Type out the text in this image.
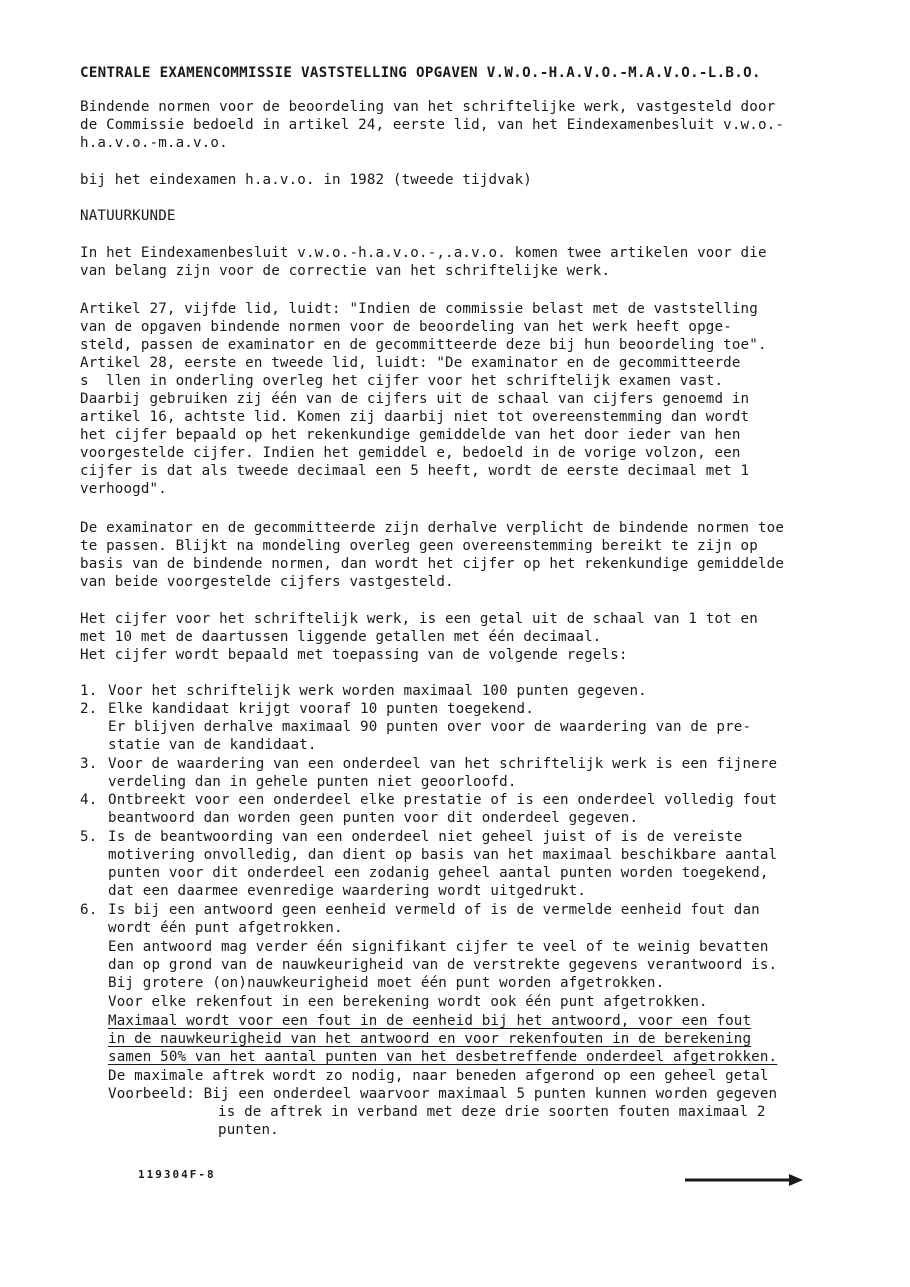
CENTRALE EXAMENCOMMISSIE VASTSTELLING OPGAVEN V.W.O.-H.A.V.O.-M.A.V.O.-L.B.O.
Bindende normen voor de beoordeling van het schriftelijke werk, vastgesteld door
de Commissie bedoeld in artikel 24, eerste lid, van het Eindexamenbesluit v.w.o.-
h.a.v.o.-m.a.v.o.
bij het eindexamen h.a.v.o. in 1982 (tweede tijdvak)
NATUURKUNDE
In het Eindexamenbesluit v.w.o.-h.a.v.o.-,.a.v.o. komen twee artikelen voor die
van belang zijn voor de correctie van het schriftelijke werk.
Artikel 27, vijfde lid, luidt: "Indien de commissie belast met de vaststelling
van de opgaven bindende normen voor de beoordeling van het werk heeft opge-
steld, passen de examinator en de gecommitteerde deze bij hun beoordeling toe".
Artikel 28, eerste en tweede lid, luidt: "De examinator en de gecommitteerde
s  llen in onderling overleg het cijfer voor het schriftelijk examen vast.
Daarbij gebruiken zij één van de cijfers uit de schaal van cijfers genoemd in
artikel 16, achtste lid. Komen zij daarbij niet tot overeenstemming dan wordt
het cijfer bepaald op het rekenkundige gemiddelde van het door ieder van hen
voorgestelde cijfer. Indien het gemiddel e, bedoeld in de vorige volzon, een
cijfer is dat als tweede decimaal een 5 heeft, wordt de eerste decimaal met 1
verhoogd".
De examinator en de gecommitteerde zijn derhalve verplicht de bindende normen toe
te passen. Blijkt na mondeling overleg geen overeenstemming bereikt te zijn op
basis van de bindende normen, dan wordt het cijfer op het rekenkundige gemiddelde
van beide voorgestelde cijfers vastgesteld.
Het cijfer voor het schriftelijk werk, is een getal uit de schaal van 1 tot en
met 10 met de daartussen liggende getallen met één decimaal.
Het cijfer wordt bepaald met toepassing van de volgende regels:
1. Voor het schriftelijk werk worden maximaal 100 punten gegeven.
2. Elke kandidaat krijgt vooraf 10 punten toegekend.
Er blijven derhalve maximaal 90 punten over voor de waardering van de pre-
statie van de kandidaat.
3. Voor de waardering van een onderdeel van het schriftelijk werk is een fijnere
verdeling dan in gehele punten niet geoorloofd.
4. Ontbreekt voor een onderdeel elke prestatie of is een onderdeel volledig fout
beantwoord dan worden geen punten voor dit onderdeel gegeven.
5. Is de beantwoording van een onderdeel niet geheel juist of is de vereiste
motivering onvolledig, dan dient op basis van het maximaal beschikbare aantal
punten voor dit onderdeel een zodanig geheel aantal punten worden toegekend,
dat een daarmee evenredige waardering wordt uitgedrukt.
6. Is bij een antwoord geen eenheid vermeld of is de vermelde eenheid fout dan
wordt één punt afgetrokken.
Een antwoord mag verder één signifikant cijfer te veel of te weinig bevatten
dan op grond van de nauwkeurigheid van de verstrekte gegevens verantwoord is.
Bij grotere (on)nauwkeurigheid moet één punt worden afgetrokken.
Voor elke rekenfout in een berekening wordt ook één punt afgetrokken.
Maximaal wordt voor een fout in de eenheid bij het antwoord, voor een fout
in de nauwkeurigheid van het antwoord en voor rekenfouten in de berekening
samen 50% van het aantal punten van het desbetreffende onderdeel afgetrokken.
De maximale aftrek wordt zo nodig, naar beneden afgerond op een geheel getal
Voorbeeld: Bij een onderdeel waarvoor maximaal 5 punten kunnen worden gegeven
is de aftrek in verband met deze drie soorten fouten maximaal 2
punten.
119304F-8
